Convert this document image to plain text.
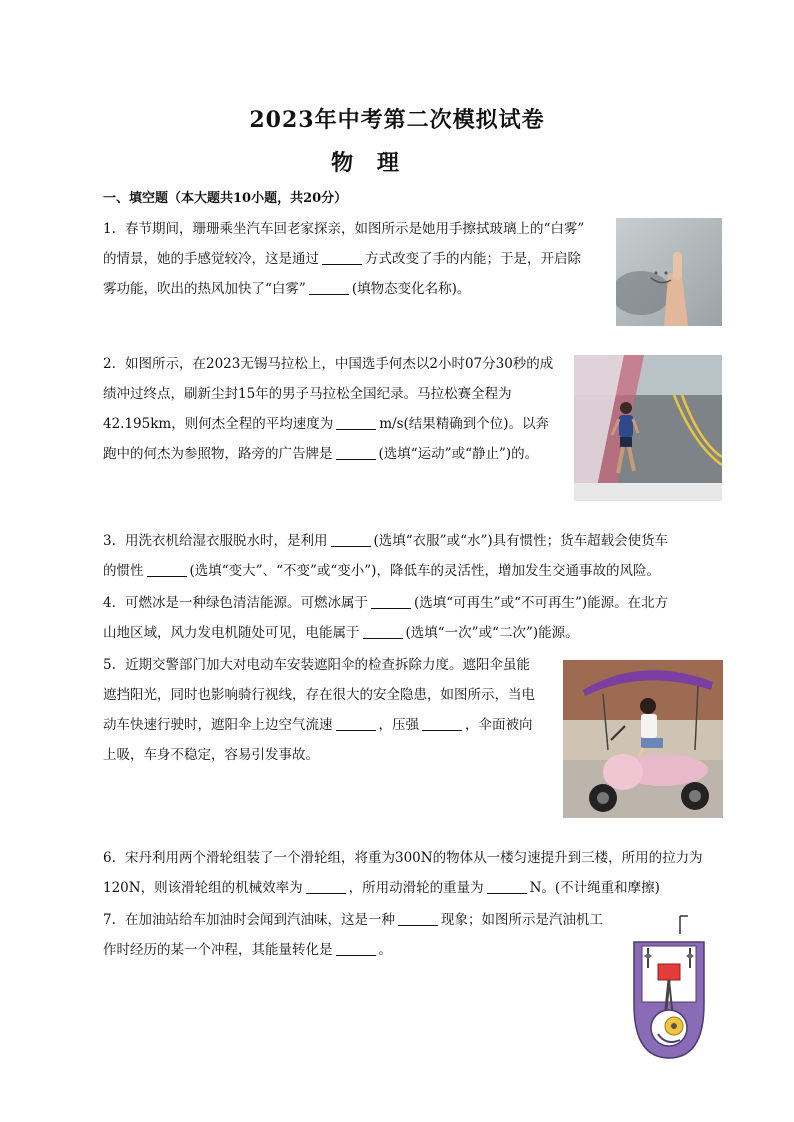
2023年中考第二次模拟试卷
物 理
一、填空题（本大题共10小题，共20分）

1. 春节期间，珊珊乘坐汽车回老家探亲，如图所示是她用手擦拭玻璃上的“白雾”

的情景，她的手感觉较冷，这是通过	方式改变了手的内能；于是，开启除

雾功能，吹出的热风加快了“白雾”	(填物态变化名称)。

2. 如图所示，在2023无锡马拉松上，中国选手何杰以2小时07分30秒的成

绩冲过终点，刷新尘封15年的男子马拉松全国纪录。马拉松赛全程为

42.195km，则何杰全程的平均速度为	m/s(结果精确到个位)。以奔

跑中的何杰为参照物，路旁的广告牌是	(选填“运动”或“静止”)的。

3. 用洗衣机给湿衣服脱水时，是利用	(选填“衣服”或“水”)具有惯性；货车超载会使货车

的惯性	(选填“变大”、“不变”或“变小”)，降低车的灵活性，增加发生交通事故的风险。

4. 可燃冰是一种绿色清洁能源。可燃冰属于	(选填“可再生”或“不可再生”)能源。在北方

山地区域，风力发电机随处可见，电能属于	(选填“一次”或“二次”)能源。

5. 近期交警部门加大对电动车安装遮阳伞的检查拆除力度。遮阳伞虽能

遮挡阳光，同时也影响骑行视线，存在很大的安全隐患，如图所示，当电

动车快速行驶时，遮阳伞上边空气流速	，压强	，伞面被向

上吸，车身不稳定，容易引发事故。

6. 宋丹利用两个滑轮组装了一个滑轮组，将重为300N的物体从一楼匀速提升到三楼，所用的拉力为

120N，则该滑轮组的机械效率为	，所用动滑轮的重量为	N。(不计绳重和摩擦)

7. 在加油站给车加油时会闻到汽油味，这是一种	现象；如图所示是汽油机工

作时经历的某一个冲程，其能量转化是	。
